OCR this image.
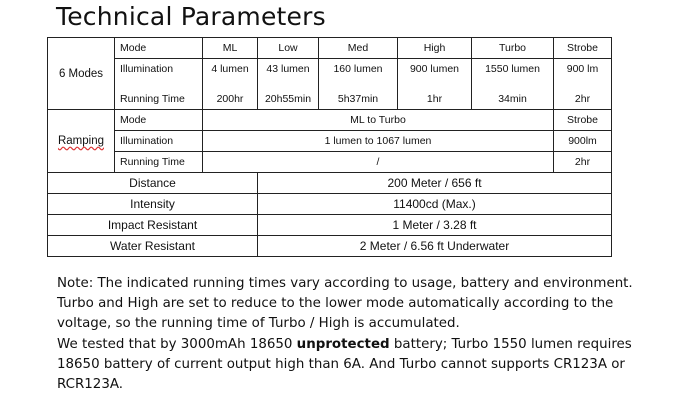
Technical Parameters
6 Modes	Mode	ML	Low	Med	High	Turbo	Strobe
	Illumination	4 lumen	43 lumen	160 lumen	900 lumen	1550 lumen	900 lm

	Running Time	200hr	20h55min	5h37min	1hr	34min	2hr
Ramping	Mode	ML to Turbo					Strobe
	Illumination	1 lumen to 1067 lumen					900lm
	Running Time	/					2hr
Distance			200 Meter / 656 ft				
Intensity			11400cd (Max.)				
Impact Resistant			1 Meter / 3.28 ft				
Water Resistant			2 Meter / 6.56 ft Underwater				

Note: The indicated running times vary according to usage, battery and environment.

Turbo and High are set to reduce to the lower mode automatically according to the

voltage, so the running time of Turbo / High is accumulated.

We tested that by 3000mAh 18650 unprotected battery; Turbo 1550 lumen requires

18650 battery of current output high than 6A. And Turbo cannot supports CR123A or

RCR123A.
